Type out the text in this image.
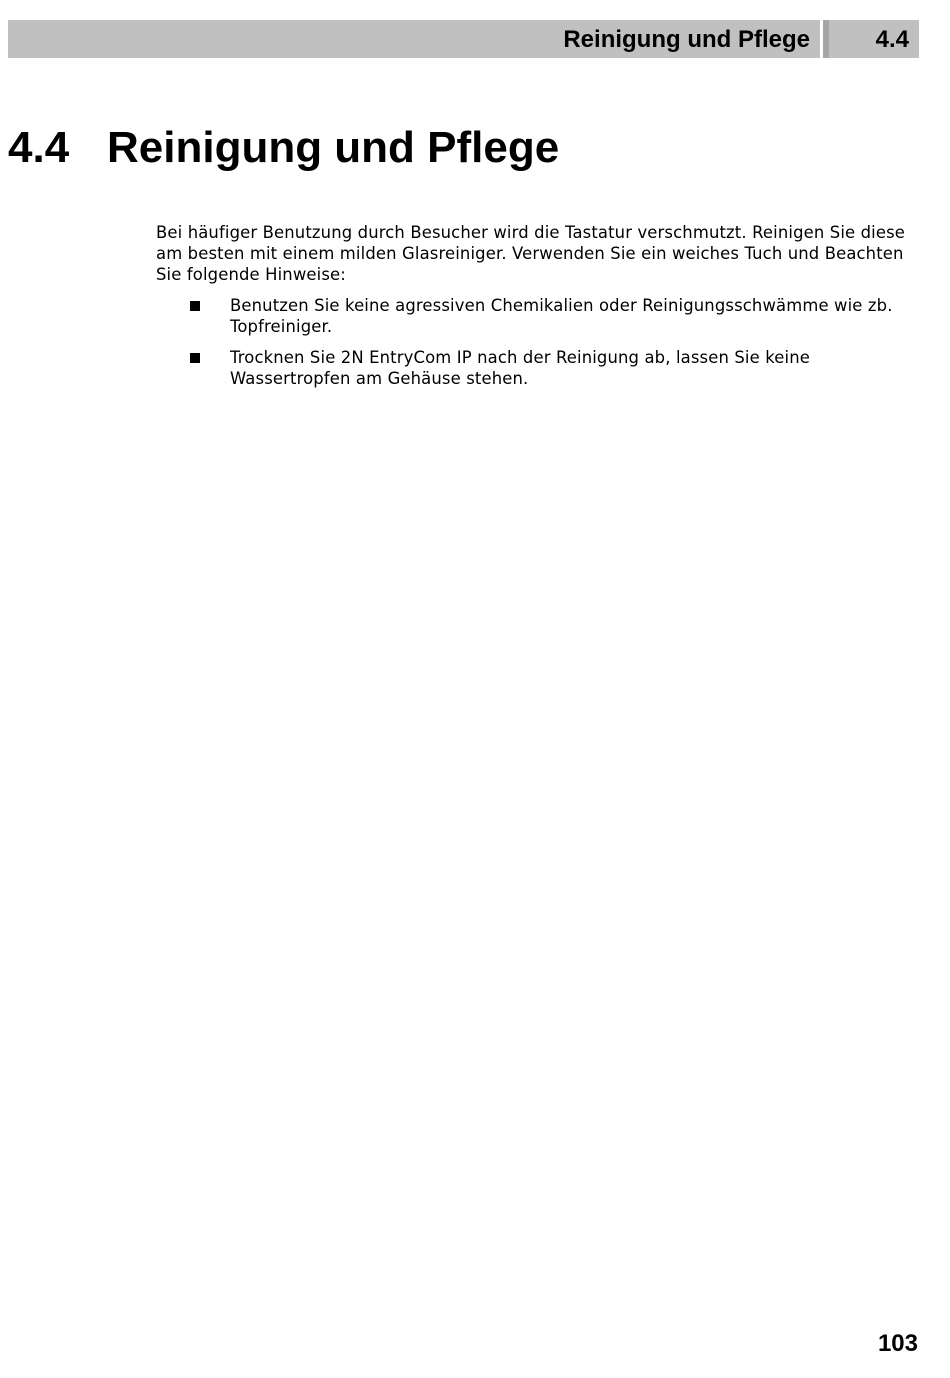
Reinigung und Pflege	4.4
4.4 Reinigung und Pflege

Bei häufiger Benutzung durch Besucher wird die Tastatur verschmutzt. Reinigen Sie diese am besten mit einem milden Glasreiniger. Verwenden Sie ein weiches Tuch und Beachten Sie folgende Hinweise:

Benutzen Sie keine agressiven Chemikalien oder Reinigungsschwämme wie zb. Topfreiniger.
Trocknen Sie 2N EntryCom IP nach der Reinigung ab, lassen Sie keine Wassertropfen am Gehäuse stehen.
103
